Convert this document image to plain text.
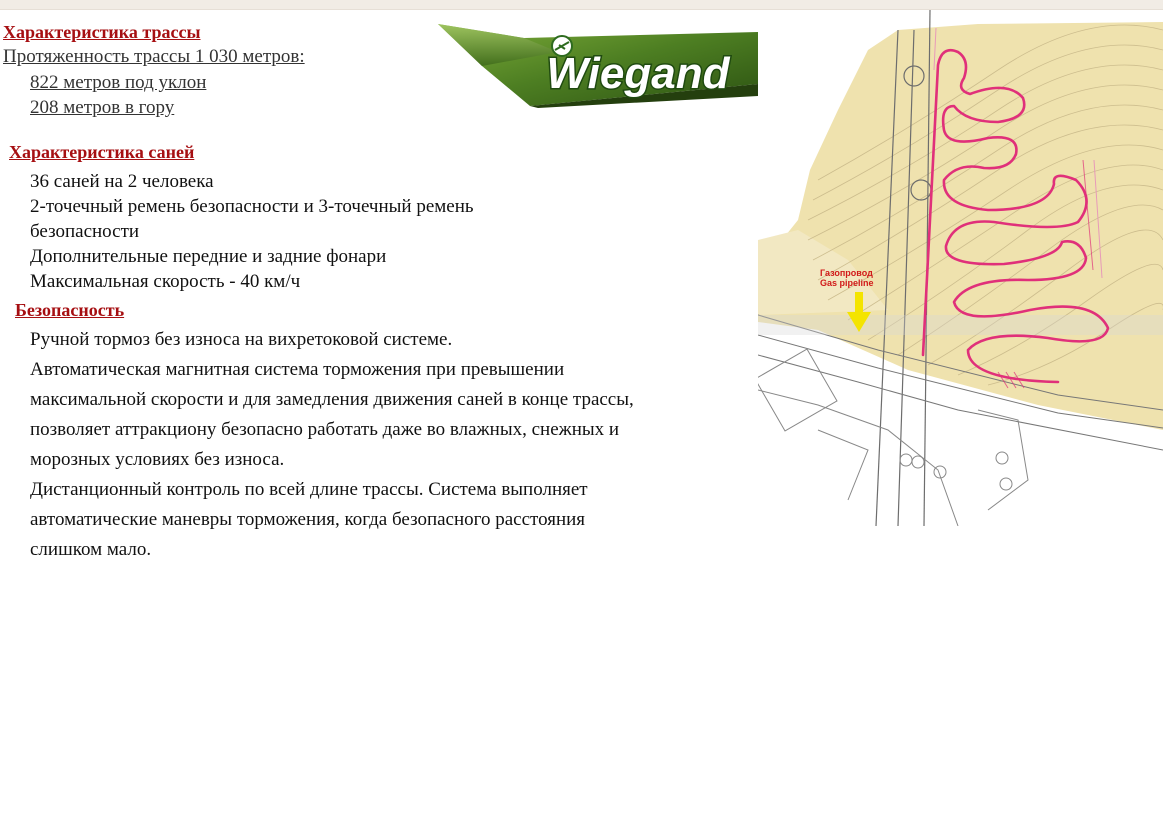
Характеристика трассы
Протяженность трассы 1 030 метров:
822 метров под уклон
208 метров в гору
Характеристика саней
36 саней на 2 человека
2-точечный ремень безопасности и 3-точечный ремень
безопасности
Дополнительные передние и задние фонари
Максимальная скорость - 40 км/ч
Безопасность
Ручной тормоз без износа на вихретоковой системе.
Автоматическая магнитная система торможения при превышении
максимальной скорости и для замедления движения саней в конце трассы,
позволяет аттракциону безопасно работать даже во влажных, снежных и
морозных условиях без износа.
Дистанционный контроль по всей длине трассы. Система выполняет
автоматические маневры торможения, когда безопасного расстояния
слишком мало.
Wiegand
Газопровод
Gas pipeline
